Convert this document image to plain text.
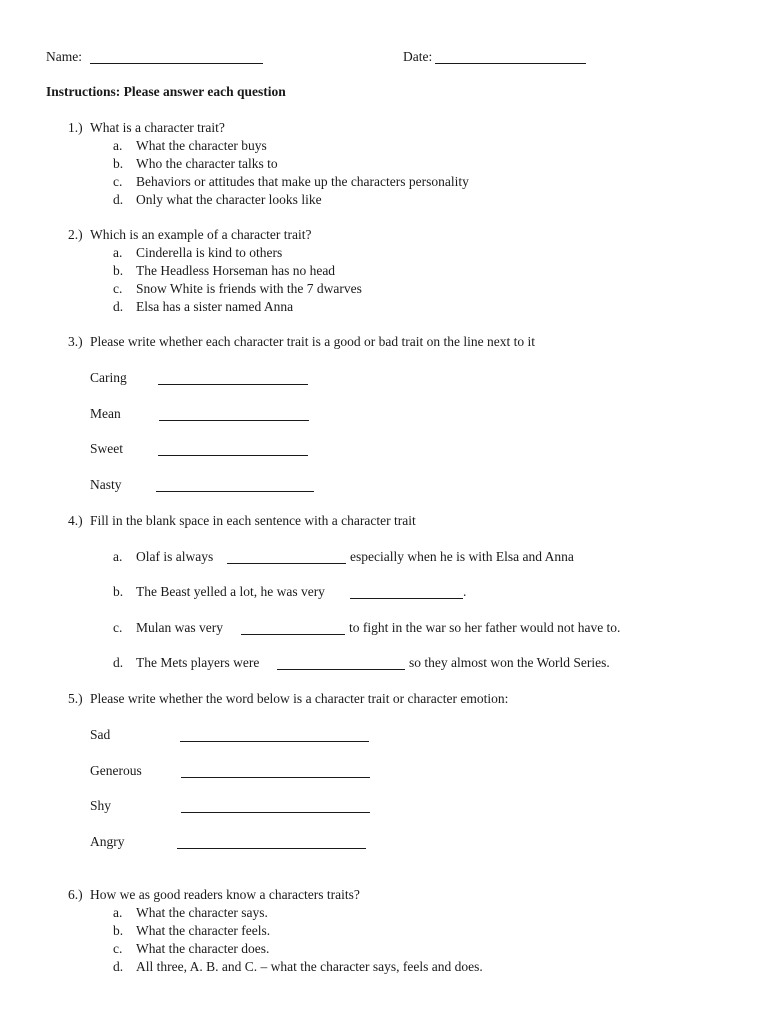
Name:	Date:
Instructions: Please answer each question
1.) What is a character trait?
a. What the character buys
b. Who the character talks to
c. Behaviors or attitudes that make up the characters personality
d. Only what the character looks like
2.) Which is an example of a character trait?
a. Cinderella is kind to others
b. The Headless Horseman has no head
c. Snow White is friends with the 7 dwarves
d. Elsa has a sister named Anna
3.) Please write whether each character trait is a good or bad trait on the line next to it
Caring
Mean
Sweet
Nasty
4.) Fill in the blank space in each sentence with a character trait
a. Olaf is always	especially when he is with Elsa and Anna
b. The Beast yelled a lot, he was very	.
c. Mulan was very	to fight in the war so her father would not have to.
d. The Mets players were	so they almost won the World Series.
5.) Please write whether the word below is a character trait or character emotion:
Sad
Generous
Shy
Angry
6.) How we as good readers know a characters traits?
a. What the character says.
b. What the character feels.
c. What the character does.
d. All three, A. B. and C. – what the character says, feels and does.
